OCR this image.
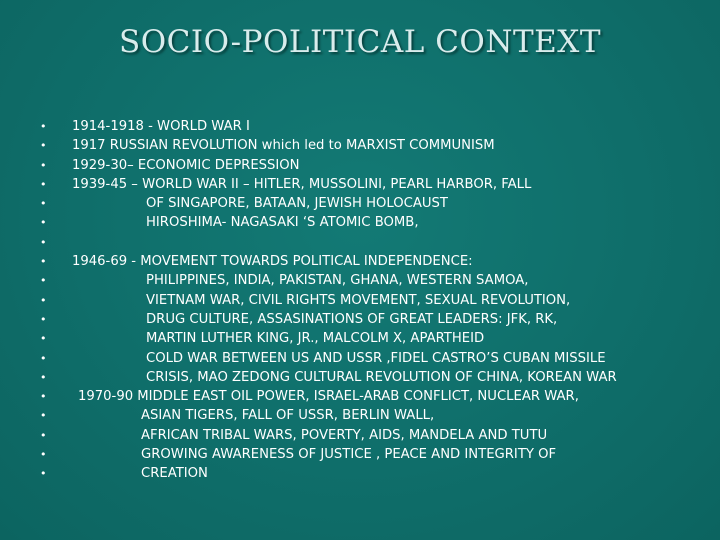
SOCIO-POLITICAL CONTEXT
• 1914-1918 - WORLD WAR I
• 1917 RUSSIAN REVOLUTION which led to MARXIST COMMUNISM
• 1929-30– ECONOMIC DEPRESSION
• 1939-45 – WORLD WAR II – HITLER, MUSSOLINI, PEARL HARBOR, FALL
•	OF SINGAPORE, BATAAN, JEWISH HOLOCAUST
•	HIROSHIMA- NAGASAKI ‘S ATOMIC BOMB,
•
• 1946-69 - MOVEMENT TOWARDS POLITICAL INDEPENDENCE:
•	PHILIPPINES, INDIA, PAKISTAN, GHANA, WESTERN SAMOA,
•	VIETNAM WAR, CIVIL RIGHTS MOVEMENT, SEXUAL REVOLUTION,
•	DRUG CULTURE, ASSASINATIONS OF GREAT LEADERS: JFK, RK,
•	MARTIN LUTHER KING, JR., MALCOLM X, APARTHEID
•	COLD WAR BETWEEN US AND USSR ,FIDEL CASTRO’S CUBAN MISSILE
•	CRISIS, MAO ZEDONG CULTURAL REVOLUTION OF CHINA, KOREAN WAR
• 1970-90 MIDDLE EAST OIL POWER, ISRAEL-ARAB CONFLICT, NUCLEAR WAR,
•	ASIAN TIGERS, FALL OF USSR, BERLIN WALL,
•	AFRICAN TRIBAL WARS, POVERTY, AIDS, MANDELA AND TUTU
•	GROWING AWARENESS OF JUSTICE , PEACE AND INTEGRITY OF
•	CREATION
